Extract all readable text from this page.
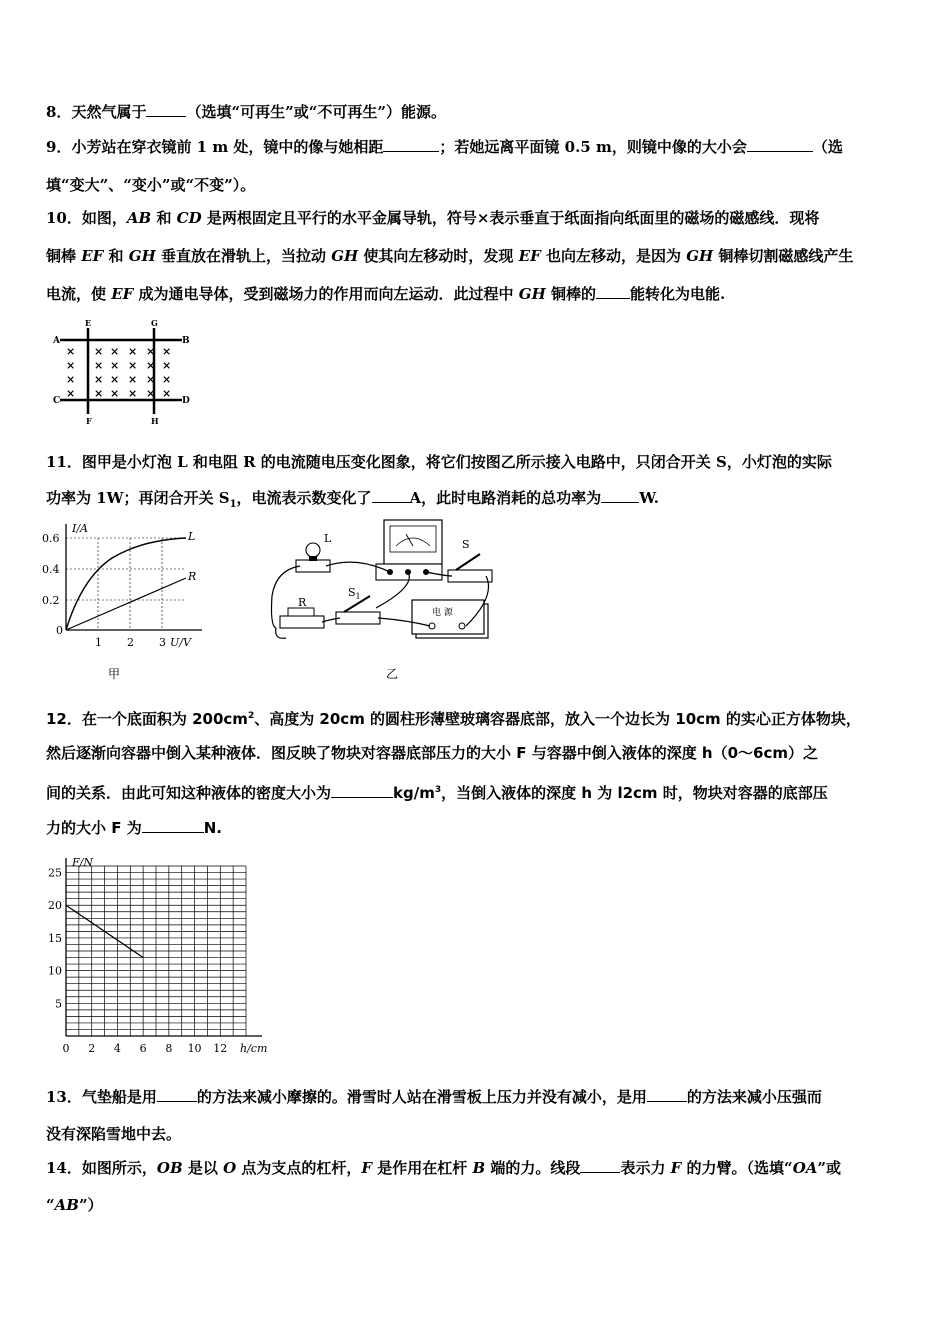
8．天然气属于	（选填“可再生”或“不可再生”）能源。
9．小芳站在穿衣镜前 1 m 处，镜中的像与她相距	；若她远离平面镜 0.5 m，则镜中像的大小会	（选
填“变大”、“变小”或“不变”）。
10．如图，AB 和 CD 是两根固定且平行的水平金属导轨，符号×表示垂直于纸面指向纸面里的磁场的磁感线．现将
铜棒 EF 和 GH 垂直放在滑轨上，当拉动 GH 使其向左移动时，发现 EF 也向左移动，是因为 GH 铜棒切割磁感线产生
电流，使 EF 成为通电导体，受到磁场力的作用而向左运动．此过程中 GH 铜棒的 能转化为电能.
× × × × × ×
× × × × × ×
× × × × × ×
× × × × × ×
A	B
C	D
E
F
G
H
11．图甲是小灯泡 L 和电阻 R 的电流随电压变化图象，将它们按图乙所示接入电路中，只闭合开关 S，小灯泡的实际
功率为 1W；再闭合开关 $S_1$，电流表示数变化了	A，此时电路消耗的总功率为	W.
I/A
0.6
0.4
0.2
0
1 2 3 U/V
L
R
甲
L	S
$S_1$
R
电 源
乙
12．在一个底面积为 $200cm^2$、高度为 20cm 的圆柱形薄壁玻璃容器底部，放入一个边长为 10cm 的实心正方体物块，
然后逐渐向容器中倒入某种液体．图反映了物块对容器底部压力的大小 F 与容器中倒入液体的深度 h（0～6cm）之
间的关系．由此可知这种液体的密度大小为	$kg/m^3$，当倒入液体的深度 h 为 l2cm 时，物块对容器的底部压
力的大小 F 为	N.
25
20
15
10
5
0 2 4 6 8 10 12
F/N
h/cm
13．气垫船是用	的方法来减小摩擦的。滑雪时人站在滑雪板上压力并没有减小，是用	的方法来减小压强而
没有深陷雪地中去。
14．如图所示，OB 是以 O 点为支点的杠杆，F 是作用在杠杆 B 端的力。线段	表示力 F 的力臂。（选填“OA”或
“AB”）
